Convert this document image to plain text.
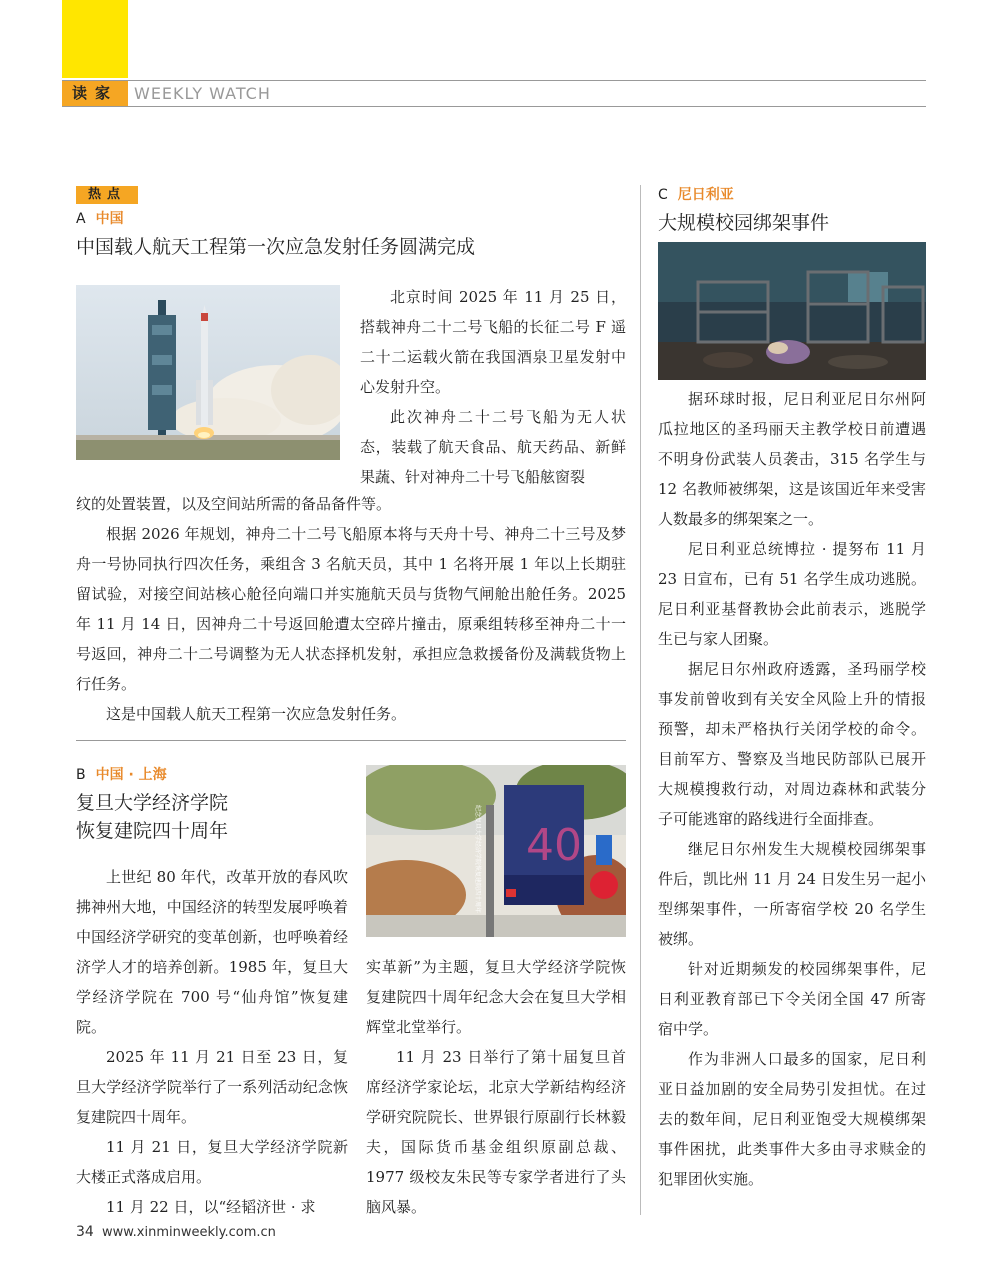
读家	WEEKLY WATCH
热点
A 中国
中国载人航天工程第一次应急发射任务圆满完成

北京时间 2025 年 11 月 25 日，搭载神舟二十二号飞船的长征二号 F 遥二十二运载火箭在我国酒泉卫星发射中心发射升空。

此次神舟二十二号飞船为无人状态，装载了航天食品、航天药品、新鲜果蔬、针对神舟二十号飞船舷窗裂

纹的处置装置，以及空间站所需的备品备件等。

根据 2026 年规划，神舟二十二号飞船原本将与天舟十号、神舟二十三号及梦舟一号协同执行四次任务，乘组含 3 名航天员，其中 1 名将开展 1 年以上长期驻留试验，对接空间站核心舱径向端口并实施航天员与货物气闸舱出舱任务。2025 年 11 月 14 日，因神舟二十号返回舱遭太空碎片撞击，原乘组转移至神舟二十一号返回，神舟二十二号调整为无人状态择机发射，承担应急救援备份及满载货物上行任务。

这是中国载人航天工程第一次应急发射任务。

B 中国 · 上海
复旦大学经济学院
恢复建院四十周年	40
纪念复旦大学经济学院恢复建院四十周年

上世纪 80 年代，改革开放的春风吹拂神州大地，中国经济的转型发展呼唤着中国经济学研究的变革创新，也呼唤着经济学人才的培养创新。1985 年，复旦大学经济学院在 700 号“仙舟馆”恢复建院。

2025 年 11 月 21 日至 23 日，复旦大学经济学院举行了一系列活动纪念恢复建院四十周年。

11 月 21 日，复旦大学经济学院新大楼正式落成启用。

11 月 22 日，以“经韬济世 · 求

实革新”为主题，复旦大学经济学院恢复建院四十周年纪念大会在复旦大学相辉堂北堂举行。

11 月 23 日举行了第十届复旦首席经济学家论坛，北京大学新结构经济学研究院院长、世界银行原副行长林毅夫，国际货币基金组织原副总裁、1977 级校友朱民等专家学者进行了头脑风暴。

C 尼日利亚
大规模校园绑架事件

据环球时报，尼日利亚尼日尔州阿瓜拉地区的圣玛丽天主教学校日前遭遇不明身份武装人员袭击，315 名学生与 12 名教师被绑架，这是该国近年来受害人数最多的绑架案之一。

尼日利亚总统博拉 · 提努布 11 月 23 日宣布，已有 51 名学生成功逃脱。尼日利亚基督教协会此前表示，逃脱学生已与家人团聚。

据尼日尔州政府透露，圣玛丽学校事发前曾收到有关安全风险上升的情报预警，却未严格执行关闭学校的命令。目前军方、警察及当地民防部队已展开大规模搜救行动，对周边森林和武装分子可能逃窜的路线进行全面排查。

继尼日尔州发生大规模校园绑架事件后，凯比州 11 月 24 日发生另一起小型绑架事件，一所寄宿学校 20 名学生被绑。

针对近期频发的校园绑架事件，尼日利亚教育部已下令关闭全国 47 所寄宿中学。

作为非洲人口最多的国家，尼日利亚日益加剧的安全局势引发担忧。在过去的数年间，尼日利亚饱受大规模绑架事件困扰，此类事件大多由寻求赎金的犯罪团伙实施。

34 www.xinminweekly.com.cn
